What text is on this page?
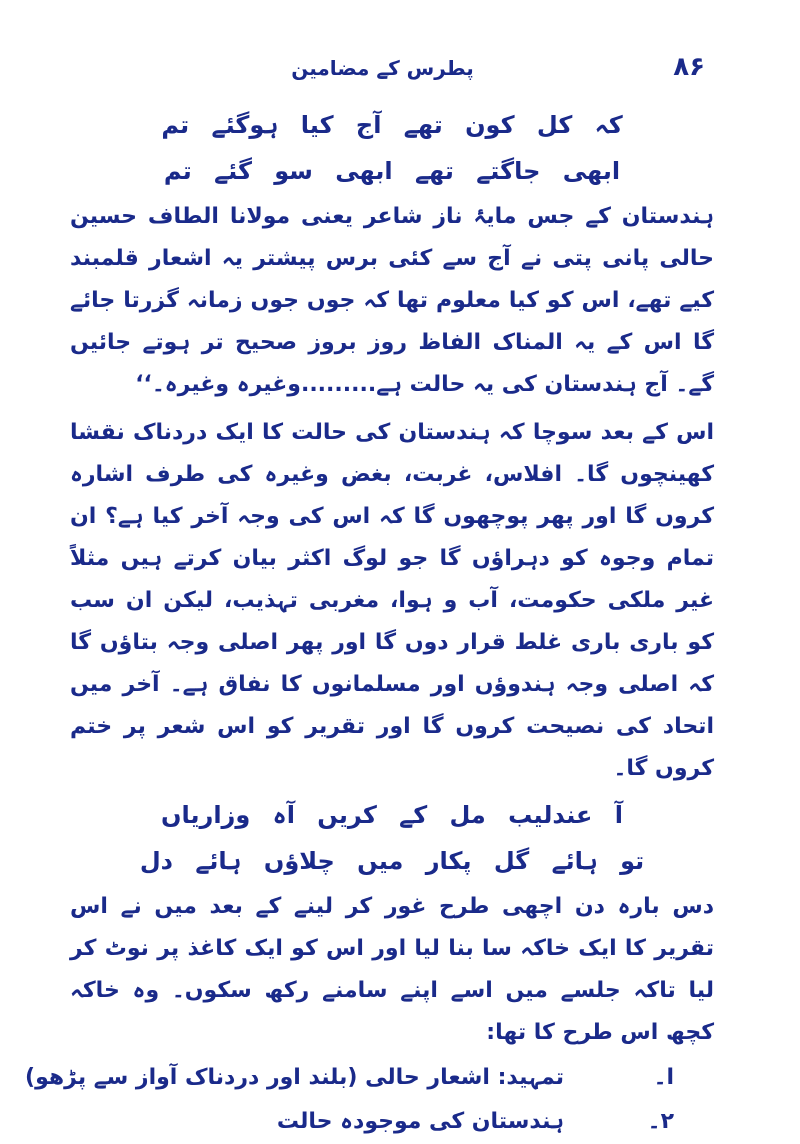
۸۶
پطرس کے مضامین
کہ کل کون تھے آج کیا ہوگئے تم
ابھی جاگتے تھے ابھی سو گئے تم

ہندستان کے جس مایۂ ناز شاعر یعنی مولانا الطاف حسین حالی پانی پتی نے آج سے کئی برس پیشتر یہ اشعار قلمبند کیے تھے، اس کو کیا معلوم تھا کہ جوں جوں زمانہ گزرتا جائے گا اس کے یہ المناک الفاظ روز بروز صحیح تر ہوتے جائیں گے۔ آج ہندستان کی یہ حالت ہے.........وغیرہ وغیرہ۔‘‘

اس کے بعد سوچا کہ ہندستان کی حالت کا ایک دردناک نقشا کھینچوں گا۔ افلاس، غربت، بغض وغیرہ کی طرف اشارہ کروں گا اور پھر پوچھوں گا کہ اس کی وجہ آخر کیا ہے؟ ان تمام وجوہ کو دہراؤں گا جو لوگ اکثر بیان کرتے ہیں مثلاً غیر ملکی حکومت، آب و ہوا، مغربی تہذیب، لیکن ان سب کو باری باری غلط قرار دوں گا اور پھر اصلی وجہ بتاؤں گا کہ اصلی وجہ ہندوؤں اور مسلمانوں کا نفاق ہے۔ آخر میں اتحاد کی نصیحت کروں گا اور تقریر کو اس شعر پر ختم کروں گا۔

آ عندلیب مل کے کریں آہ وزاریاں
تو ہائے گل پکار میں چلاؤں ہائے دل

دس بارہ دن اچھی طرح غور کر لینے کے بعد میں نے اس تقریر کا ایک خاکہ سا بنا لیا اور اس کو ایک کاغذ پر نوٹ کر لیا تاکہ جلسے میں اسے اپنے سامنے رکھ سکوں۔ وہ خاکہ کچھ اس طرح کا تھا:

ا۔
تمہید: اشعار حالی (بلند اور دردناک آواز سے پڑھو)
۲۔
ہندستان کی موجودہ حالت
